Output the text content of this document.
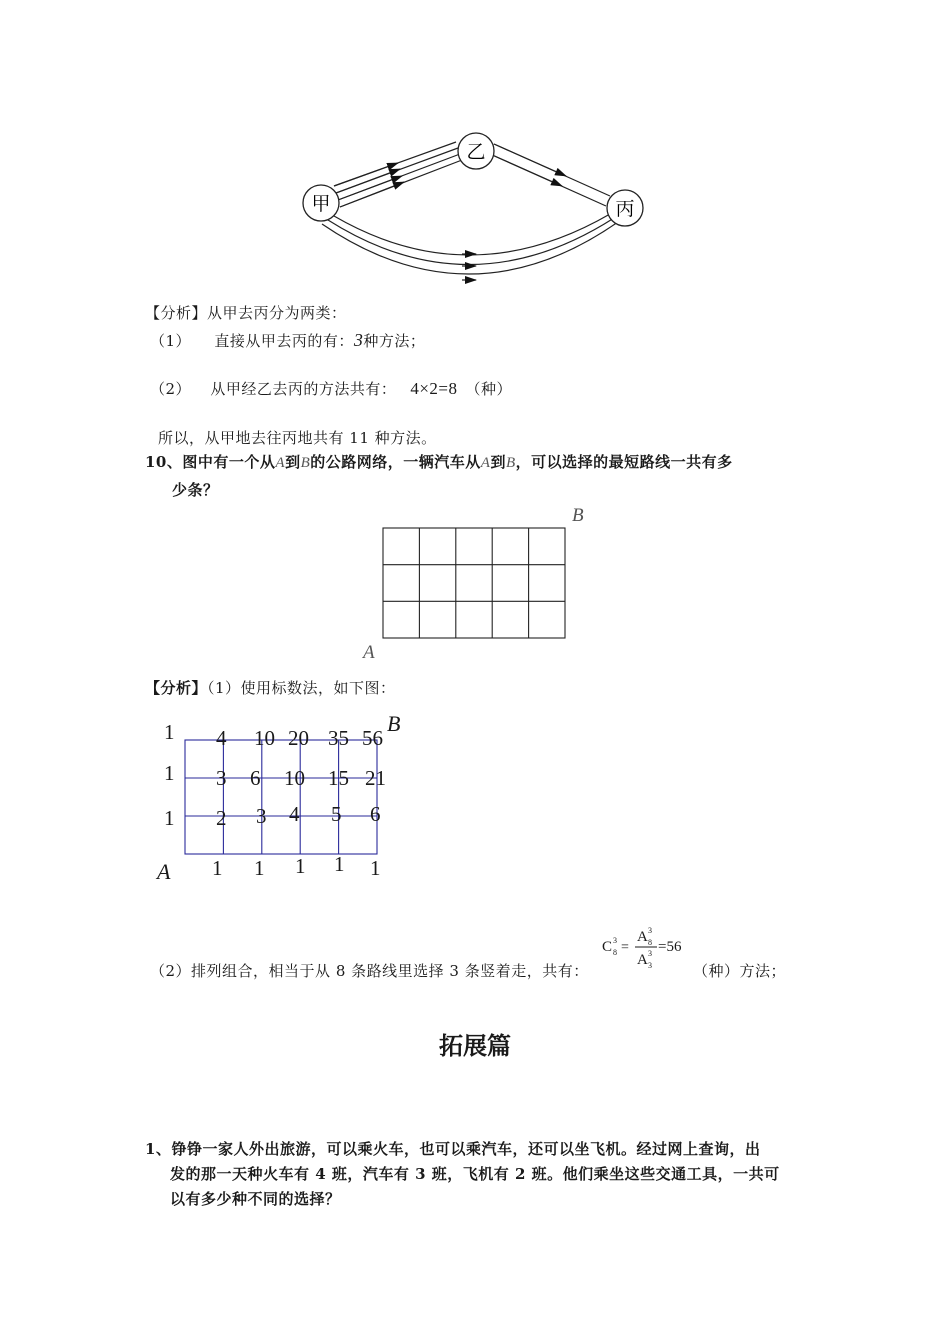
甲
乙
丙
【分析】从甲去丙分为两类：
（1） 直接从甲去丙的有：3种方法；
（2） 从甲经乙去丙的方法共有： 4×2=8 （种）
所以，从甲地去往丙地共有 11 种方法。
10、图中有一个从A到B的公路网络，一辆汽车从A到B，可以选择的最短路线一共有多
少条？
B
A
【分析】（1）使用标数法，如下图：
1
1
1
4 10 20 35 56
3 6 10 15 21
2 3 4 5 6
1 1 1 1 1
B
A
（2）排列组合，相当于从 8 条路线里选择 3 条竖着走，共有：
C 3
8 =
A 3
8
A 3
3
=56
（种）方法；
拓展篇
1、铮铮一家人外出旅游，可以乘火车，也可以乘汽车，还可以坐飞机。经过网上查询，出
发的那一天种火车有 4 班，汽车有 3 班，飞机有 2 班。他们乘坐这些交通工具，一共可
以有多少种不同的选择？
